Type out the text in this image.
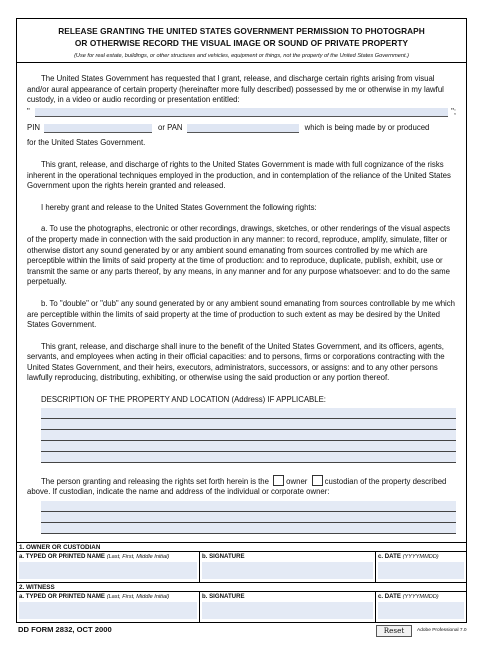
RELEASE GRANTING THE UNITED STATES GOVERNMENT PERMISSION TO PHOTOGRAPH
OR OTHERWISE RECORD THE VISUAL IMAGE OR SOUND OF PRIVATE PROPERTY
(Use for real estate, buildings, or other structures and vehicles, equipment or things, not the property of the United States Government.)
The United States Government has requested that I grant, release, and discharge certain rights arising from visual and/or aural appearance of certain property (hereinafter more fully described) possessed by me or otherwise in my lawful custody, in a video or audio recording or presentation entitled:
"	";
PIN	or PAN	which is being made by or produced
for the United States Government.
This grant, release, and discharge of rights to the United States Government is made with full cognizance of the risks inherent in the operational techniques employed in the production, and in contemplation of the reliance of the United States Government upon the rights herein granted and released.
I hereby grant and release to the United States Government the following rights:
a. To use the photographs, electronic or other recordings, drawings, sketches, or other renderings of the visual aspects of the property made in connection with the said production in any manner: to record, reproduce, amplify, simulate, filter or otherwise distort any sound generated by or any ambient sound emanating from sources controlled by me which are perceptible within the limits of said property at the time of production: and to reproduce, duplicate, publish, exhibit, use or transmit the same or any parts thereof, by any means, in any manner and for any purpose whatsoever: and to do the same perpetually.
b. To "double" or "dub" any sound generated by or any ambient sound emanating from sources controllable by me which are perceptible within the limits of said property at the time of production to such extent as may be desired by the United States Government.
This grant, release, and discharge shall inure to the benefit of the United States Government, and its officers, agents, servants, and employees when acting in their official capacities: and to persons, firms or corporations contracting with the United States Government, and their heirs, executors, administrators, successors, or assigns: and to any other persons lawfully reproducing, distributing, exhibiting, or otherwise using the said production or any portion thereof.
DESCRIPTION OF THE PROPERTY AND LOCATION (Address) IF APPLICABLE:
The person granting and releasing the rights set forth herein is the owner custodian of the property described above. If custodian, indicate the name and address of the individual or corporate owner:
1. OWNER OR CUSTODIAN
a. TYPED OR PRINTED NAME (Last, First, Middle Initial)	b. SIGNATURE	c. DATE (YYYYMMDD)
2. WITNESS
a. TYPED OR PRINTED NAME (Last, First, Middle Initial)	b. SIGNATURE	c. DATE (YYYYMMDD)
DD FORM 2832, OCT 2000	Reset	Adobe Professional 7.0
